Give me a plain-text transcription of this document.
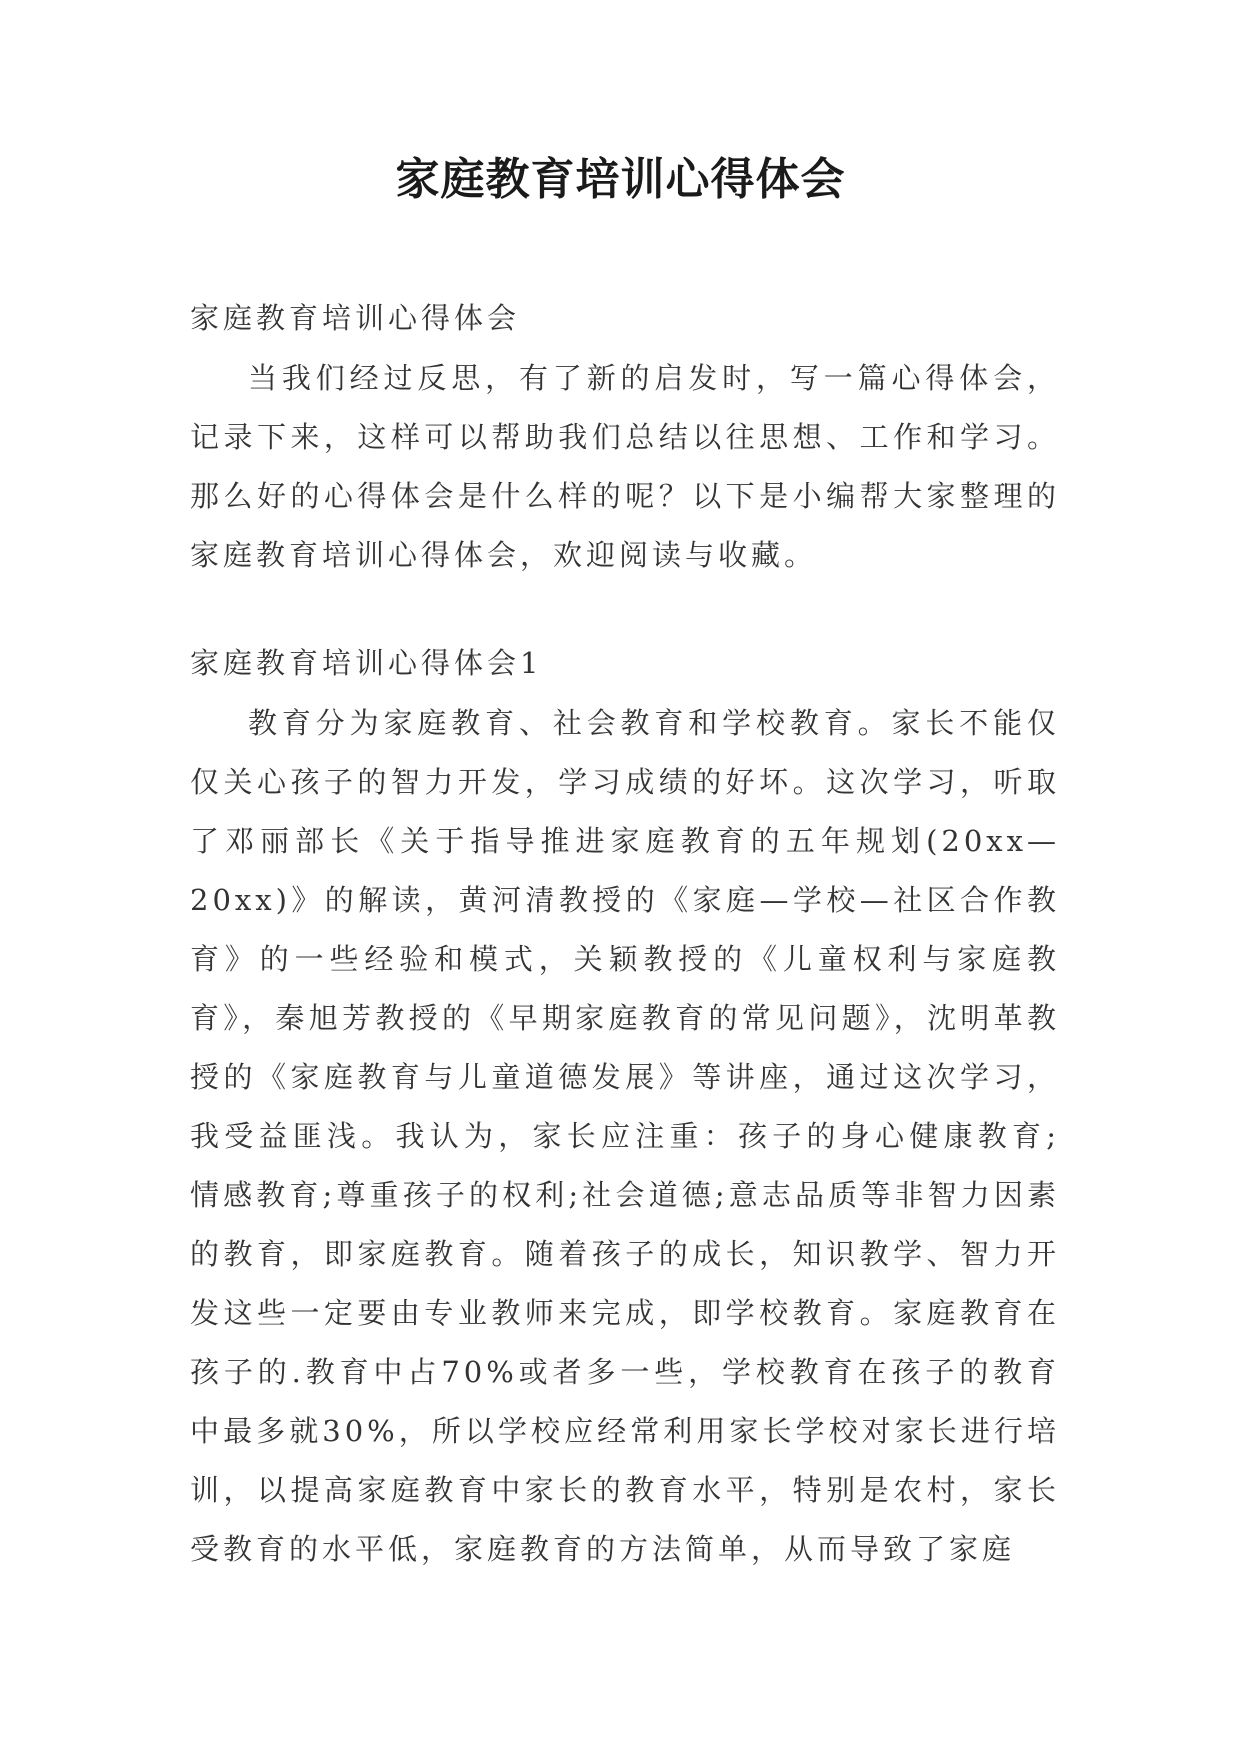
家庭教育培训心得体会
家庭教育培训心得体会
当我们经过反思，有了新的启发时，写一篇心得体会，记录下来，这样可以帮助我们总结以往思想、工作和学习。那么好的心得体会是什么样的呢？以下是小编帮大家整理的家庭教育培训心得体会，欢迎阅读与收藏。
家庭教育培训心得体会1
教育分为家庭教育、社会教育和学校教育。家长不能仅仅关心孩子的智力开发，学习成绩的好坏。这次学习，听取了邓丽部长《关于指导推进家庭教育的五年规划(20xx—20xx)》的解读，黄河清教授的《家庭—学校—社区合作教育》的一些经验和模式，关颖教授的《儿童权利与家庭教育》，秦旭芳教授的《早期家庭教育的常见问题》，沈明革教授的《家庭教育与儿童道德发展》等讲座，通过这次学习，我受益匪浅。我认为，家长应注重：孩子的身心健康教育;情感教育;尊重孩子的权利;社会道德;意志品质等非智力因素的教育，即家庭教育。随着孩子的成长，知识教学、智力开发这些一定要由专业教师来完成，即学校教育。家庭教育在孩子的.教育中占70%或者多一些，学校教育在孩子的教育中最多就30%，所以学校应经常利用家长学校对家长进行培训，以提高家庭教育中家长的教育水平，特别是农村，家长受教育的水平低，家庭教育的方法简单，从而导致了家庭
